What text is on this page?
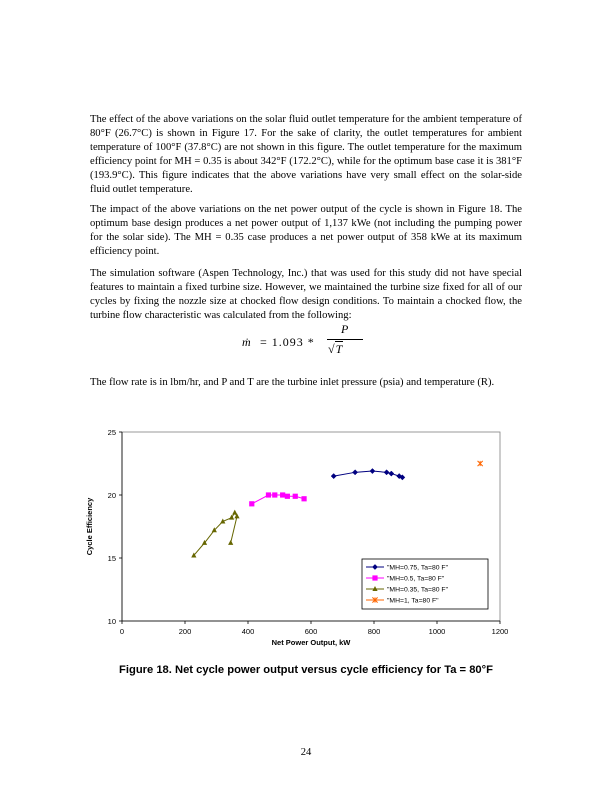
The effect of the above variations on the solar fluid outlet temperature for the ambient temperature of 80°F (26.7°C) is shown in Figure 17. For the sake of clarity, the outlet temperatures for ambient temperature of 100°F (37.8°C) are not shown in this figure. The outlet temperature for the maximum efficiency point for MH = 0.35 is about 342°F (172.2°C), while for the optimum base case it is 381°F (193.9°C). This figure indicates that the above variations have very small effect on the solar-side fluid outlet temperature.

The impact of the above variations on the net power output of the cycle is shown in Figure 18. The optimum base design produces a net power output of 1,137 kWe (not including the pumping power for the solar side). The MH = 0.35 case produces a net power output of 358 kWe at its maximum efficiency point.

The simulation software (Aspen Technology, Inc.) that was used for this study did not have special features to maintain a fixed turbine size. However, we maintained the turbine size fixed for all of our cycles by fixing the nozzle size at chocked flow design conditions. To maintain a chocked flow, the turbine flow characteristic was calculated from the following:

ṁ = 1.093 *
P
√T

The flow rate is in lbm/hr, and P and T are the turbine inlet pressure (psia) and temperature (R).

0	200	400	600	800	1000	1200
10
15
20
25
Net Power Output, kW
Cycle Efficiency
"MH=0.75, Ta=80 F"
"MH=0.5, Ta=80 F"
"MH=0.35, Ta=80 F"
"MH=1, Ta=80 F"
Figure 18. Net cycle power output versus cycle efficiency for Ta = 80°F
24
